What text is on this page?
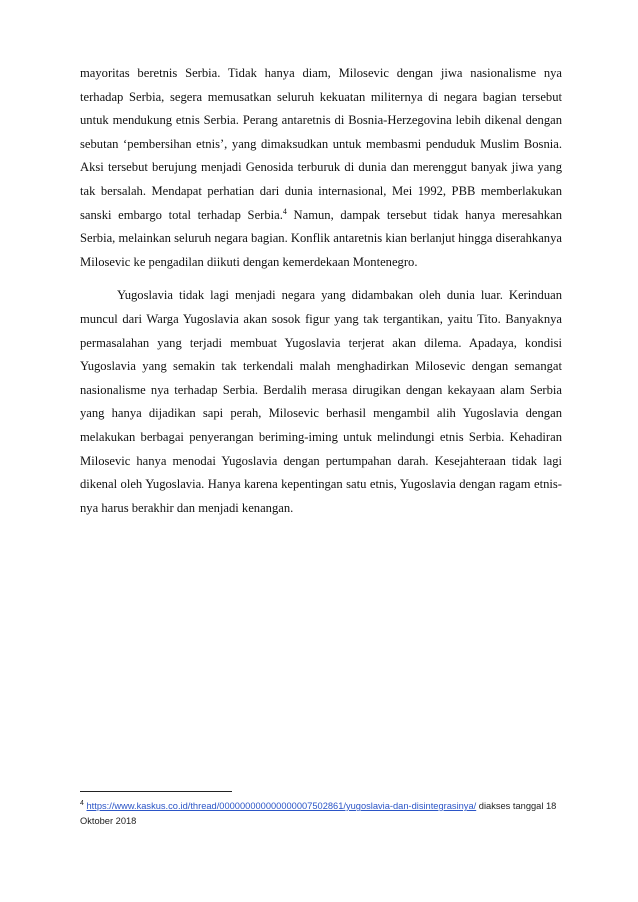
mayoritas beretnis Serbia. Tidak hanya diam, Milosevic dengan jiwa nasionalisme nya terhadap Serbia, segera memusatkan seluruh kekuatan militernya di negara bagian tersebut untuk mendukung etnis Serbia. Perang antaretnis di Bosnia-Herzegovina lebih dikenal dengan sebutan ‘pembersihan etnis’, yang dimaksudkan untuk membasmi penduduk Muslim Bosnia. Aksi tersebut berujung menjadi Genosida terburuk di dunia dan merenggut banyak jiwa yang tak bersalah. Mendapat perhatian dari dunia internasional, Mei 1992, PBB memberlakukan sanski embargo total terhadap Serbia.$^4$ Namun, dampak tersebut tidak hanya meresahkan Serbia, melainkan seluruh negara bagian. Konflik antaretnis kian berlanjut hingga diserahkanya Milosevic ke pengadilan diikuti dengan kemerdekaan Montenegro.

Yugoslavia tidak lagi menjadi negara yang didambakan oleh dunia luar. Kerinduan muncul dari Warga Yugoslavia akan sosok figur yang tak tergantikan, yaitu Tito. Banyaknya permasalahan yang terjadi membuat Yugoslavia terjerat akan dilema. Apadaya, kondisi Yugoslavia yang semakin tak terkendali malah menghadirkan Milosevic dengan semangat nasionalisme nya terhadap Serbia. Berdalih merasa dirugikan dengan kekayaan alam Serbia yang hanya dijadikan sapi perah, Milosevic berhasil mengambil alih Yugoslavia dengan melakukan berbagai penyerangan beriming-iming untuk melindungi etnis Serbia. Kehadiran Milosevic hanya menodai Yugoslavia dengan pertumpahan darah. Kesejahteraan tidak lagi dikenal oleh Yugoslavia. Hanya karena kepentingan satu etnis, Yugoslavia dengan ragam etnis-nya harus berakhir dan menjadi kenangan.

$^4$ https://www.kaskus.co.id/thread/000000000000000007502861/yugoslavia-dan-disintegrasinya/ diakses tanggal 18 Oktober 2018
